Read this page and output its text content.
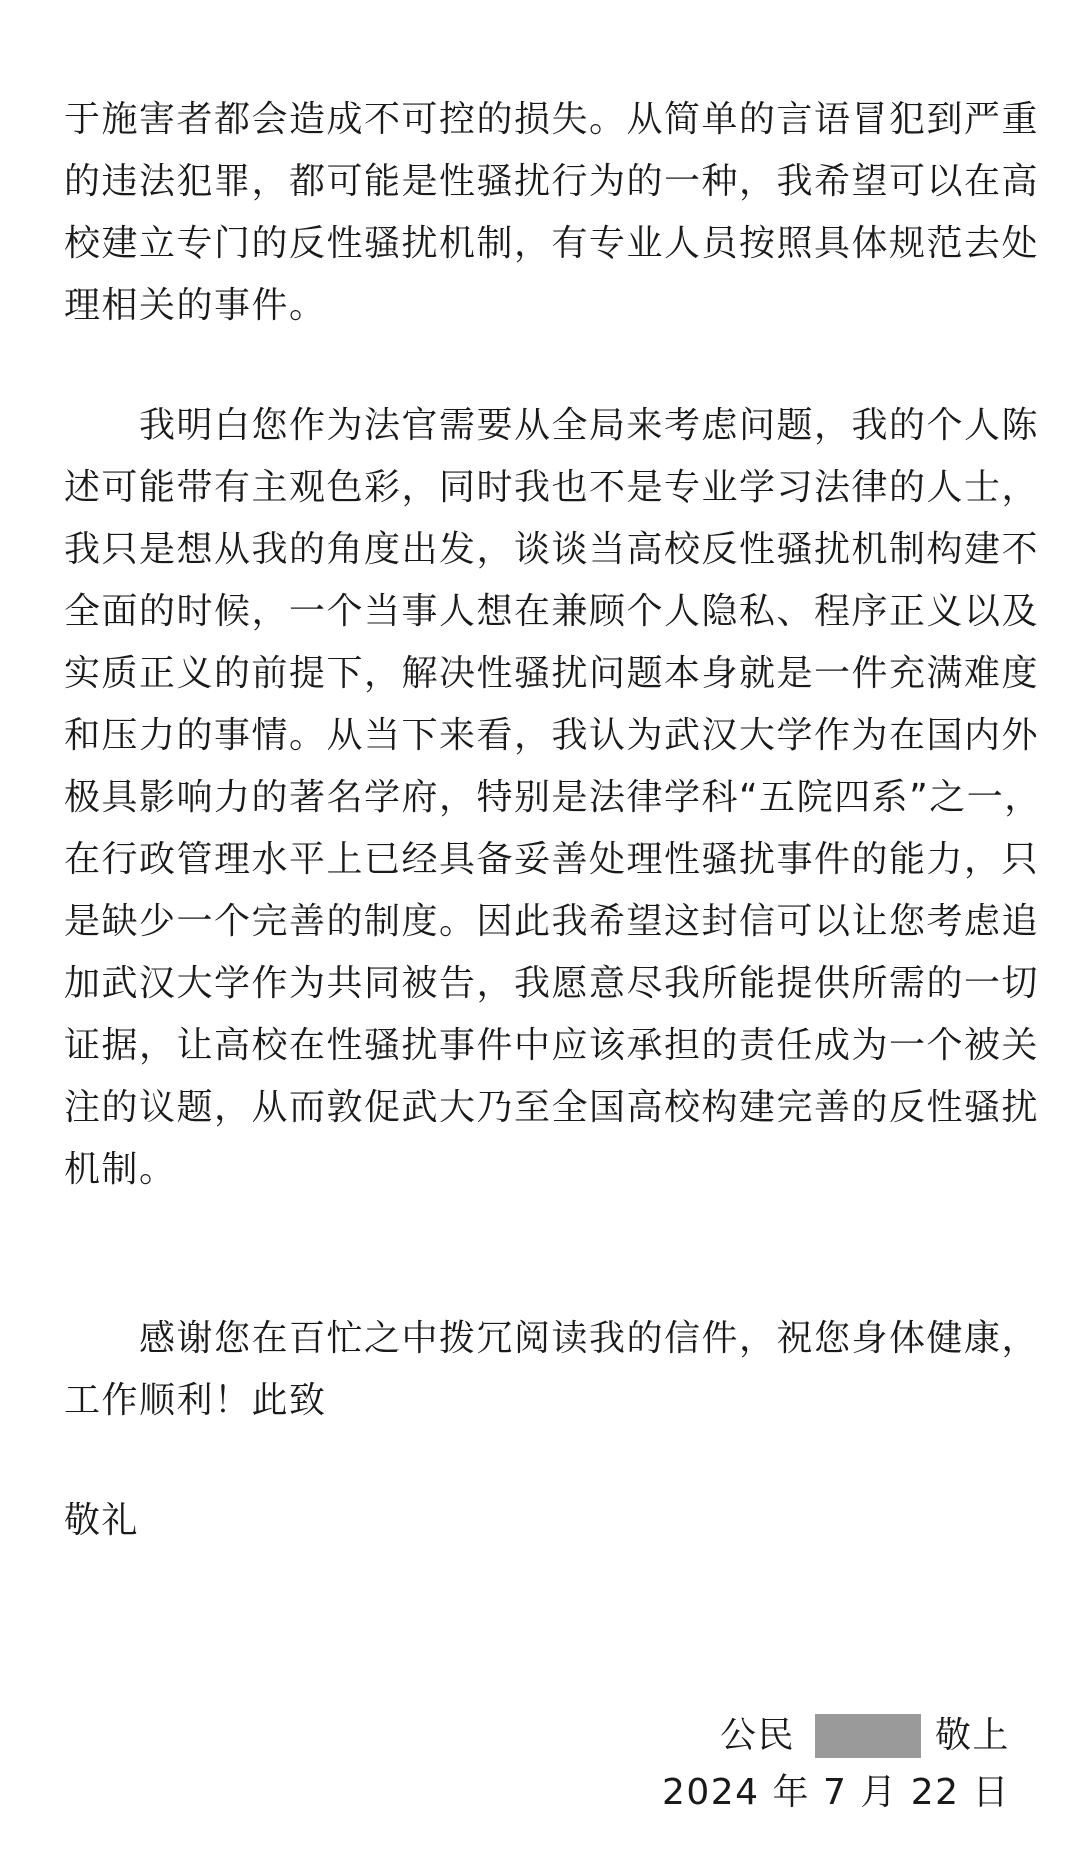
于施害者都会造成不可控的损失。从简单的言语冒犯到严重
的违法犯罪，都可能是性骚扰行为的一种，我希望可以在高
校建立专门的反性骚扰机制，有专业人员按照具体规范去处
理相关的事件。
　　我明白您作为法官需要从全局来考虑问题，我的个人陈
述可能带有主观色彩，同时我也不是专业学习法律的人士，
我只是想从我的角度出发，谈谈当高校反性骚扰机制构建不
全面的时候，一个当事人想在兼顾个人隐私、程序正义以及
实质正义的前提下，解决性骚扰问题本身就是一件充满难度
和压力的事情。从当下来看，我认为武汉大学作为在国内外
极具影响力的著名学府，特别是法律学科“五院四系”之一，
在行政管理水平上已经具备妥善处理性骚扰事件的能力，只
是缺少一个完善的制度。因此我希望这封信可以让您考虑追
加武汉大学作为共同被告，我愿意尽我所能提供所需的一切
证据，让高校在性骚扰事件中应该承担的责任成为一个被关
注的议题，从而敦促武大乃至全国高校构建完善的反性骚扰
机制。
　　感谢您在百忙之中拨冗阅读我的信件，祝您身体健康，
工作顺利！此致
敬礼
公民	敬上
2024 年 7 月 22 日
